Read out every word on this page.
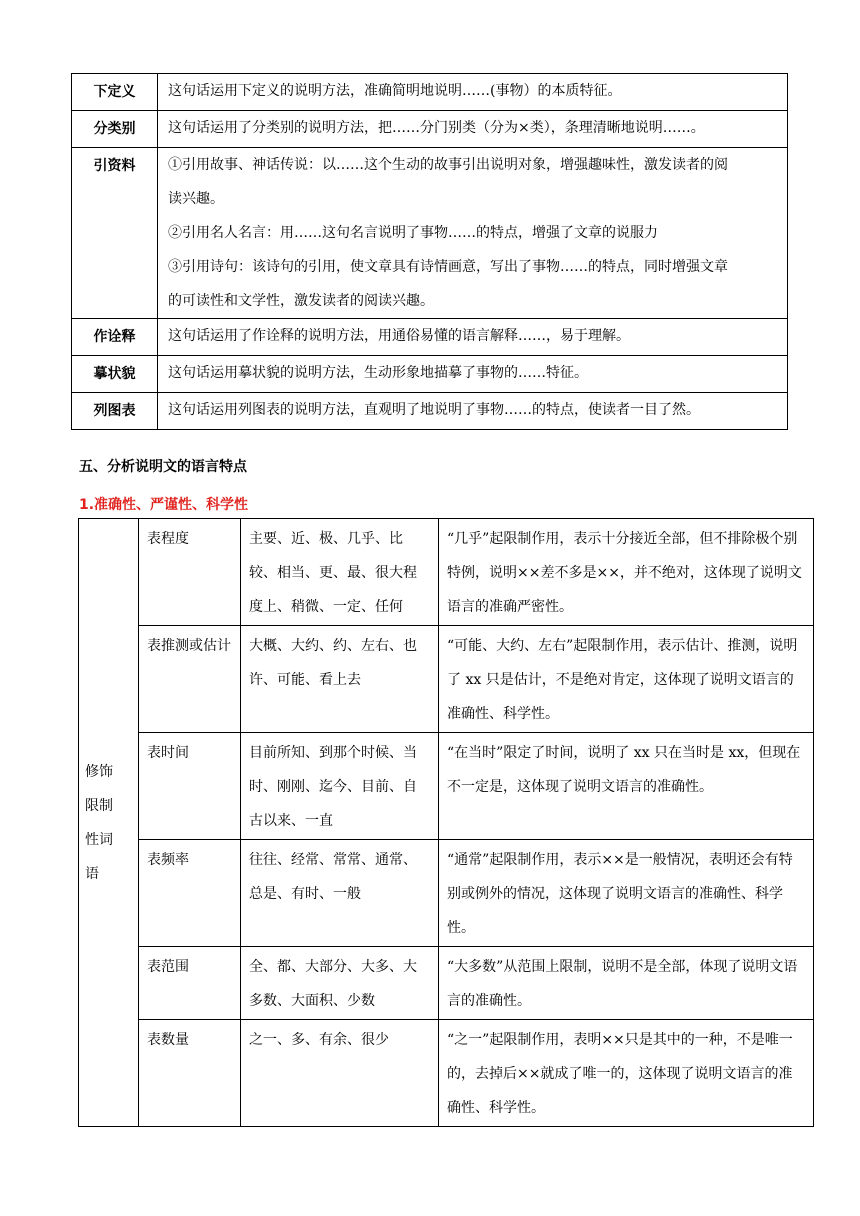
下定义	这句话运用下定义的说明方法，准确简明地说明……(事物）的本质特征。

分类别	这句话运用了分类别的说明方法，把……分门别类（分为×类），条理清晰地说明……。

引资料	①引用故事、神话传说：以……这个生动的故事引出说明对象，增强趣味性，激发读者的阅
读兴趣。
②引用名人名言：用……这句名言说明了事物……的特点，增强了文章的说服力
③引用诗句：该诗句的引用，使文章具有诗情画意，写出了事物……的特点，同时增强文章
的可读性和文学性，激发读者的阅读兴趣。

作诠释	这句话运用了作诠释的说明方法，用通俗易懂的语言解释……，易于理解。

摹状貌	这句话运用摹状貌的说明方法，生动形象地描摹了事物的……特征。

列图表	这句话运用列图表的说明方法，直观明了地说明了事物……的特点，使读者一目了然。
五、分析说明文的语言特点
1.准确性、严谨性、科学性
修饰限制性词语	表程度	主要、近、极、几乎、比较、相当、更、最、很大程度上、稍微、一定、任何	“几乎”起限制作用，表示十分接近全部，但不排除极个别特例，说明××差不多是××，并不绝对，这体现了说明文语言的准确严密性。
	表推测或估计	大概、大约、约、左右、也许、可能、看上去	“可能、大约、左右”起限制作用，表示估计、推测，说明了 xx 只是估计，不是绝对肯定，这体现了说明文语言的准确性、科学性。
	表时间	目前所知、到那个时候、当时、刚刚、迄今、目前、自古以来、一直	“在当时”限定了时间，说明了 xx 只在当时是 xx，但现在不一定是，这体现了说明文语言的准确性。
	表频率	往往、经常、常常、通常、总是、有时、一般	“通常”起限制作用，表示××是一般情况，表明还会有特别或例外的情况，这体现了说明文语言的准确性、科学性。
	表范围	全、都、大部分、大多、大多数、大面积、少数	“大多数”从范围上限制，说明不是全部，体现了说明文语言的准确性。
	表数量	之一、多、有余、很少	“之一”起限制作用，表明××只是其中的一种，不是唯一的，去掉后××就成了唯一的，这体现了说明文语言的准确性、科学性。
